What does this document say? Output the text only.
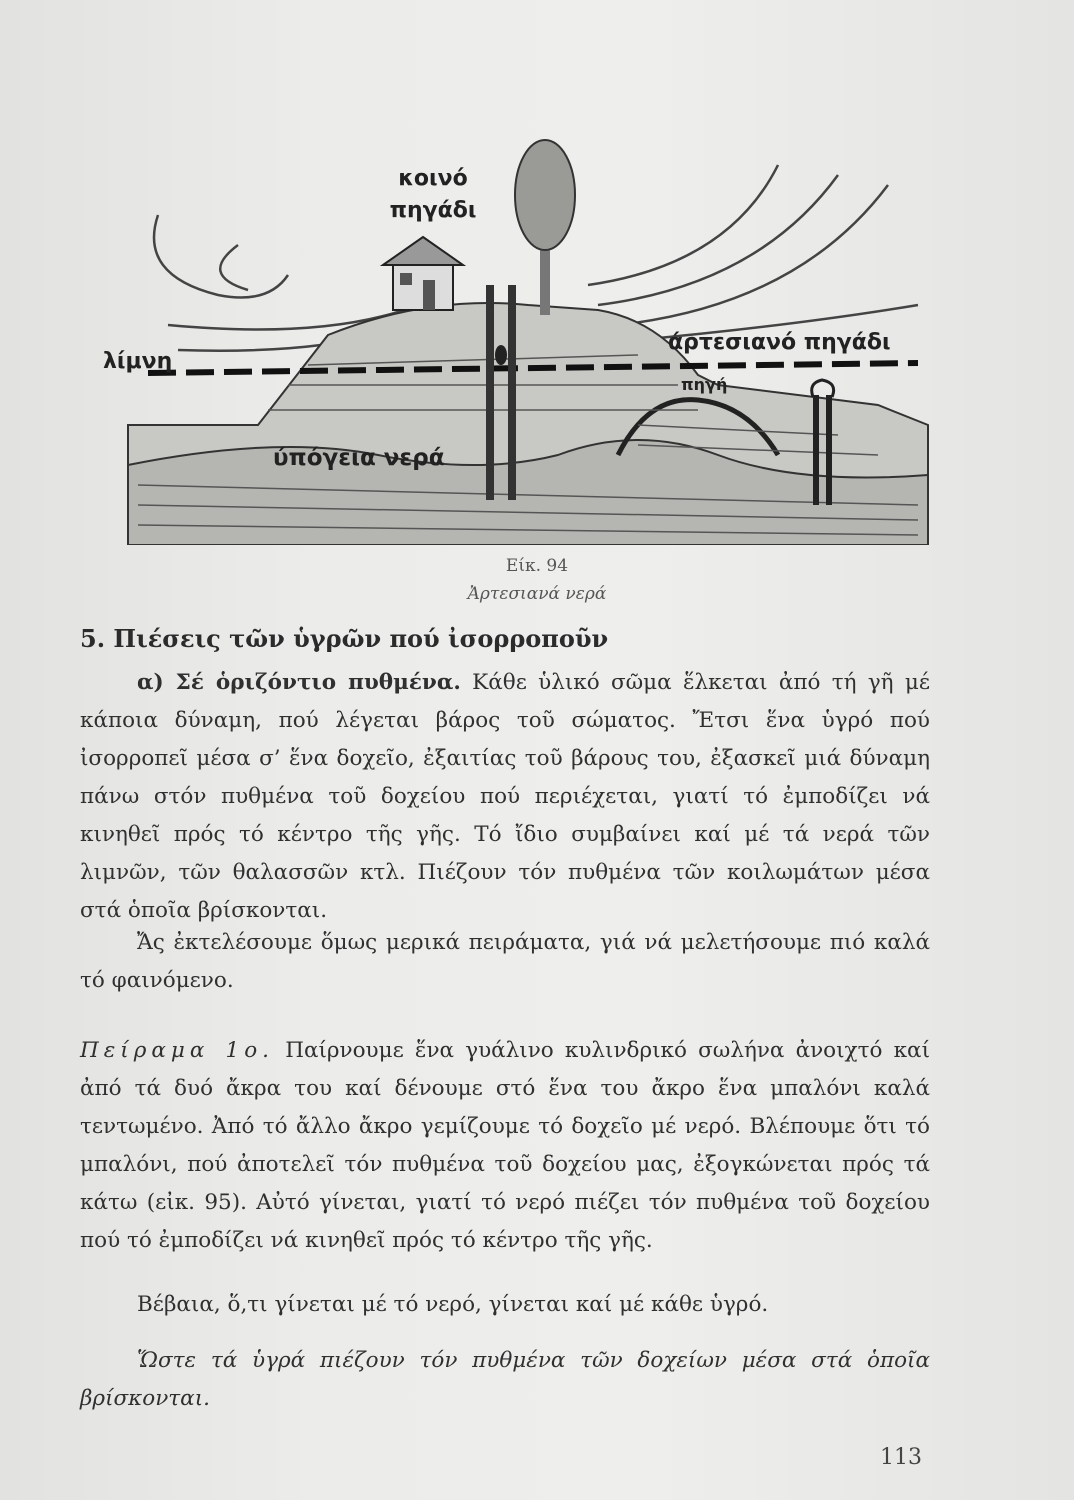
κοινό
πηγάδι
λίμνη
άρτεσιανό πηγάδι
πηγή
ύπόγεια νερά
Είκ. 94
Ἀρτεσιανά νερά
5. Πιέσεις τῶν ὑγρῶν πού ἰσορροποῦν
α) Σέ ὁριζόντιο πυθμένα. Κάθε ὑλικό σῶμα ἕλκεται ἀπό τή γῆ μέ κάποια δύναμη, πού λέγεται βάρος τοῦ σώματος. Ἔτσι ἕνα ὑγρό πού ἰσορροπεῖ μέσα σ’ ἕνα δοχεῖο, ἐξαιτίας τοῦ βάρους του, ἐξασκεῖ μιά δύναμη πάνω στόν πυθμένα τοῦ δοχείου πού περιέχεται, γιατί τό ἐμποδίζει νά κινηθεῖ πρός τό κέντρο τῆς γῆς. Τό ἴδιο συμβαίνει καί μέ τά νερά τῶν λιμνῶν, τῶν θαλασσῶν κτλ. Πιέζουν τόν πυθμένα τῶν κοιλωμάτων μέσα στά ὁποῖα βρίσκονται.
Ἄς ἐκτελέσουμε ὅμως μερικά πειράματα, γιά νά μελετήσουμε πιό καλά τό φαινόμενο.
Πείραμα 1ο. Παίρνουμε ἕνα γυάλινο κυλινδρικό σωλήνα ἀνοιχτό καί ἀπό τά δυό ἄκρα του καί δένουμε στό ἕνα του ἄκρο ἕνα μπαλόνι καλά τεντωμένο. Ἀπό τό ἄλλο ἄκρο γεμίζουμε τό δοχεῖο μέ νερό. Βλέπουμε ὅτι τό μπαλόνι, πού ἀποτελεῖ τόν πυθμένα τοῦ δοχείου μας, ἐξογκώνεται πρός τά κάτω (εἰκ. 95). Αὐτό γίνεται, γιατί τό νερό πιέζει τόν πυθμένα τοῦ δοχείου πού τό ἐμποδίζει νά κινηθεῖ πρός τό κέντρο τῆς γῆς.
Βέβαια, ὅ,τι γίνεται μέ τό νερό, γίνεται καί μέ κάθε ὑγρό.
Ὥστε τά ὑγρά πιέζουν τόν πυθμένα τῶν δοχείων μέσα στά ὁποῖα βρίσκονται.
113
